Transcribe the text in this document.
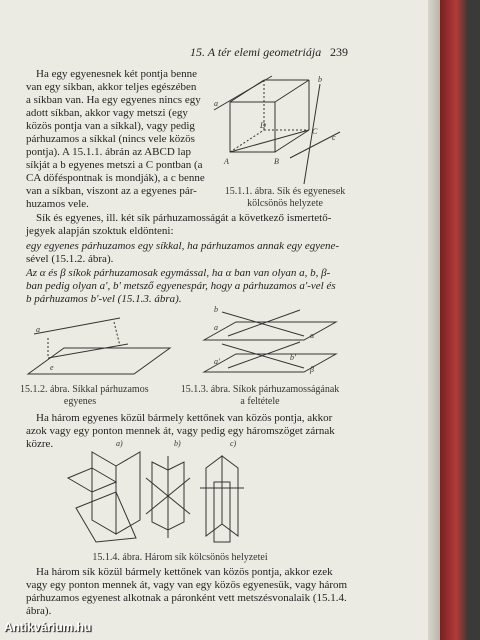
15. A tér elemi geometriája 239
Ha egy egyenesnek két pontja benne
van egy síkban, akkor teljes egészében
a síkban van. Ha egy egyenes nincs egy
adott síkban, akkor vagy metszi (egy
közös pontja van a síkkal), vagy pedig
párhuzamos a síkkal (nincs vele közös
pontja). A 15.1.1. ábrán az ABCD lap
síkját a b egyenes metszi a C pontban (a
CA döféspontnak is mondják), a c benne
van a síkban, viszont az a egyenes pár-
huzamos vele.
a
b
c
A	B
C
D
15.1.1. ábra. Sík és egyenesek
kölcsönös helyzete
Sík és egyenes, ill. két sík párhuzamosságát a következő ismertető-
jegyek alapján szoktuk eldönteni:
egy egyenes párhuzamos egy síkkal, ha párhuzamos annak egy egyene-
sével (15.1.2. ábra).
Az α és β síkok párhuzamosak egymással, ha α ban van olyan a, b, β-
ban pedig olyan a', b' metsző egyenespár, hogy a párhuzamos a'-vel és
b párhuzamos b'-vel (15.1.3. ábra).
a
e
15.1.2. ábra. Síkkal párhuzamos
egyenes
b
a
α
a'	b'
β
15.1.3. ábra. Síkok párhuzamosságának
a feltétele
Ha három egyenes közül bármely kettőnek van közös pontja, akkor
azok vagy egy ponton mennek át, vagy pedig egy háromszöget zárnak
közre.	a)	b)	c)
15.1.4. ábra. Három sík kölcsönös helyzetei
Ha három sík közül bármely kettőnek van közös pontja, akkor ezek
vagy egy ponton mennek át, vagy van egy közös egyenesük, vagy három
párhuzamos egyenest alkotnak a páronként vett metszésvonalaik (15.1.4.
ábra).
Antikvárium.hu
